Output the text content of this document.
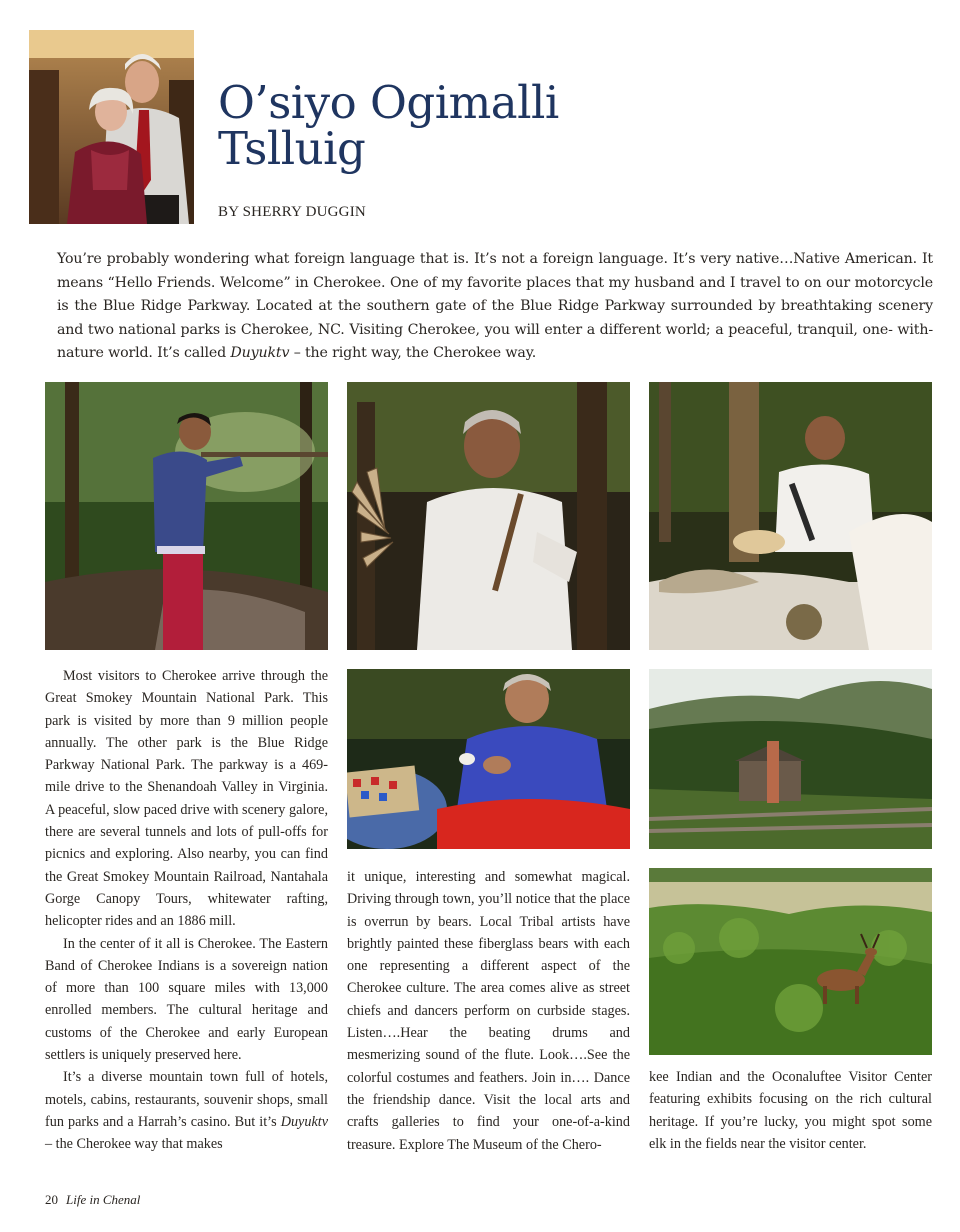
O’siyo Ogimalli Tslluig
BY SHERRY DUGGIN

You’re probably wondering what foreign language that is. It’s not a foreign language. It’s very native…Native American. It means “Hello Friends. Welcome” in Cherokee. One of my favorite places that my husband and I travel to on our motorcycle is the Blue Ridge Parkway. Located at the southern gate of the Blue Ridge Parkway surrounded by breathtaking scenery and two national parks is Cherokee, NC. Visiting Cherokee, you will enter a different world; a peaceful, tranquil, one- with-nature world. It’s called Duyuktv – the right way, the Cherokee way.

Most visitors to Cherokee arrive through the Great Smokey Mountain National Park. This park is visited by more than 9 million people annually. The other park is the Blue Ridge Parkway National Park. The parkway is a 469-mile drive to the Shenandoah Valley in Virginia. A peaceful, slow paced drive with scenery galore, there are several tunnels and lots of pull-offs for picnics and exploring. Also nearby, you can find the Great Smokey Mountain Railroad, Nantahala Gorge Canopy Tours, whitewater rafting, helicopter rides and an 1886 mill.

In the center of it all is Cherokee. The Eastern Band of Cherokee Indians is a sovereign nation of more than 100 square miles with 13,000 enrolled members. The cultural heritage and customs of the Cherokee and early European settlers is uniquely preserved here.

It’s a diverse mountain town full of hotels, motels, cabins, restaurants, souvenir shops, small fun parks and a Harrah’s casino. But it’s Duyuktv – the Cherokee way that makes

it unique, interesting and somewhat magical. Driving through town, you’ll notice that the place is overrun by bears. Local Tribal artists have brightly painted these fiberglass bears with each one representing a different aspect of the Cherokee culture. The area comes alive as street chiefs and dancers perform on curbside stages. Listen….Hear the beating drums and mesmerizing sound of the flute. Look….See the colorful costumes and feathers. Join in…. Dance the friendship dance. Visit the local arts and crafts galleries to find your one-of-a-kind treasure. Explore The Museum of the Chero-

kee Indian and the Oconaluftee Visitor Center featuring exhibits focusing on the rich cultural heritage. If you’re lucky, you might spot some elk in the fields near the visitor center.

20 Life in Chenal
